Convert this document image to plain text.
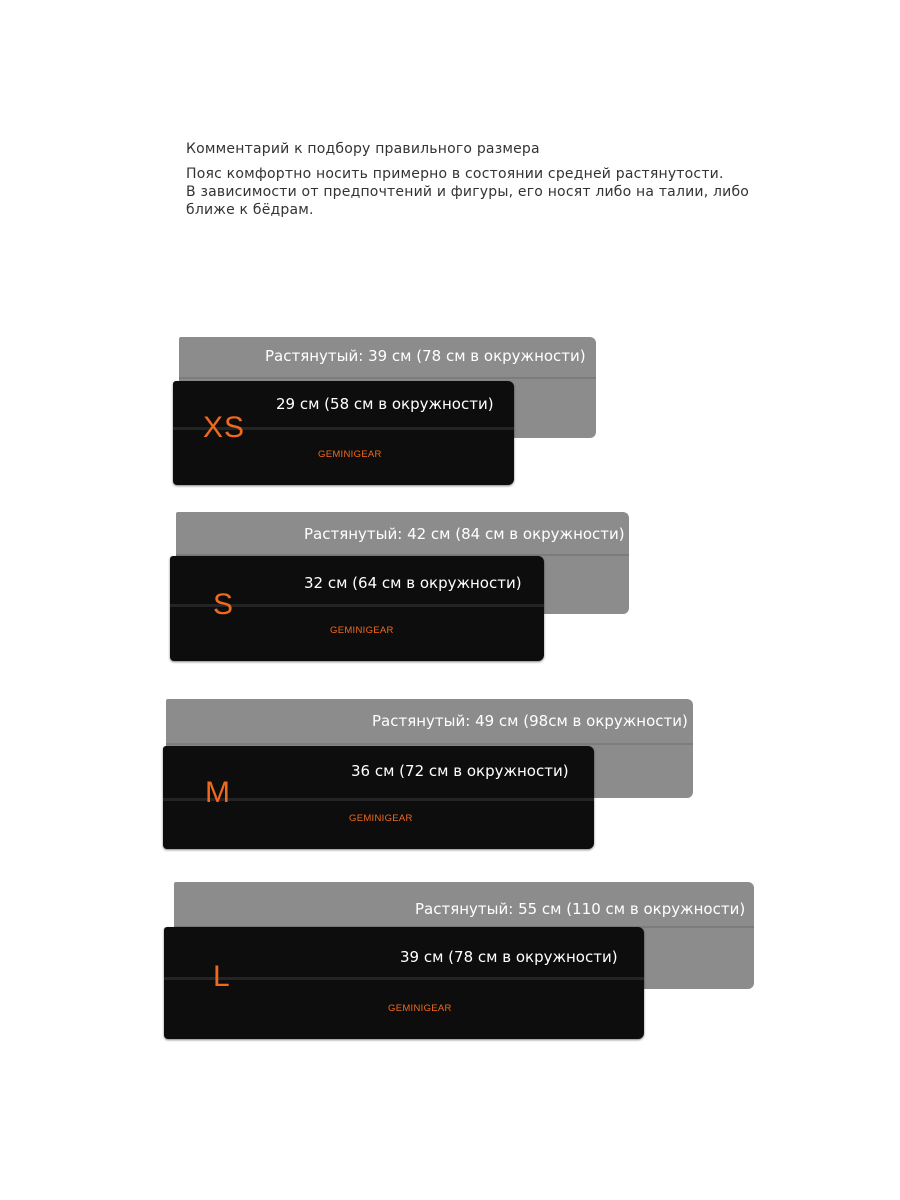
Комментарий к подбору правильного размера
Пояс комфортно носить примерно в состоянии средней растянутости.
В зависимости от предпочтений и фигуры, его носят либо на талии, либо
ближе к бёдрам.
Растянутый: 39 см (78 см в окружности)
29 см (58 см в окружности)
XS
GEMINIGEAR
Растянутый: 42 см (84 см в окружности)
32 см (64 см в окружности)
S
GEMINIGEAR
Растянутый: 49 см (98см в окружности)
36 см (72 см в окружности)
M
GEMINIGEAR
Растянутый: 55 см (110 см в окружности)
39 см (78 см в окружности)
L
GEMINIGEAR
